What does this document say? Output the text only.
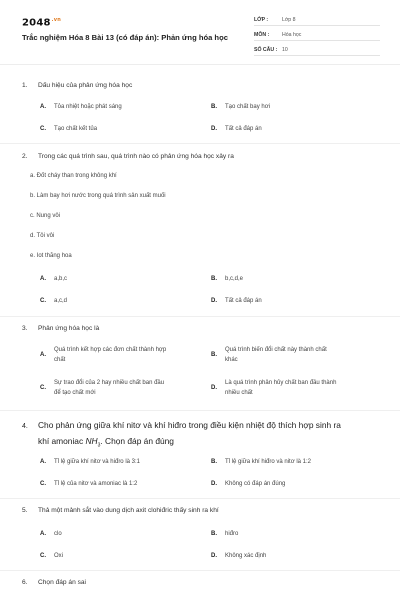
$2048^{.vn}$
Trắc nghiệm Hóa 8 Bài 13 (có đáp án): Phản ứng hóa học
LỚP :	Lớp 8
MÔN : Hóa học
SỐ CÂU : 10
1. Dấu hiệu của phản ứng hóa học
A. Tỏa nhiệt hoặc phát sáng	B. Tạo chất bay hơi
C. Tạo chất kết tủa	D. Tất cả đáp án
2. Trong các quá trình sau, quá trình nào có phản ứng hóa học xảy ra
a. Đốt cháy than trong không khí
b. Làm bay hơi nước trong quá trình sản xuất muối
c. Nung vôi
d. Tôi vôi
e. Iot thăng hoa
A. a,b,c	B. b,c,d,e
C. a,c,d	D. Tất cả đáp án
3. Phản ứng hóa học là
A.
Quá trình kết hợp các đơn chất thành hợp
chất
B.
Quá trình biến đổi chất này thành chất
khác
C.
Sự trao đổi của 2 hay nhiều chất ban đầu
để tạo chất mới
D.
Là quá trình phân hủy chất ban đầu thành
nhiều chất
4. Cho phản ứng giữa khí nitơ và khí hiđro trong điều kiện nhiệt độ thích hợp sinh ra
khí amoniac $NH_3$. Chọn đáp án đúng
A. Tỉ lệ giữa khí nitơ và hiđro là 3:1	B. Tỉ lệ giữa khí hiđro và nitơ là 1:2
C. Tỉ lệ của nitơ và amoniac là 1:2	D. Không có đáp án đúng
5. Thả một mảnh sắt vào dung dịch axit clohiđric thấy sinh ra khí
A. clo	B. hiđro
C. Oxi	D. Không xác định
6. Chọn đáp án sai
